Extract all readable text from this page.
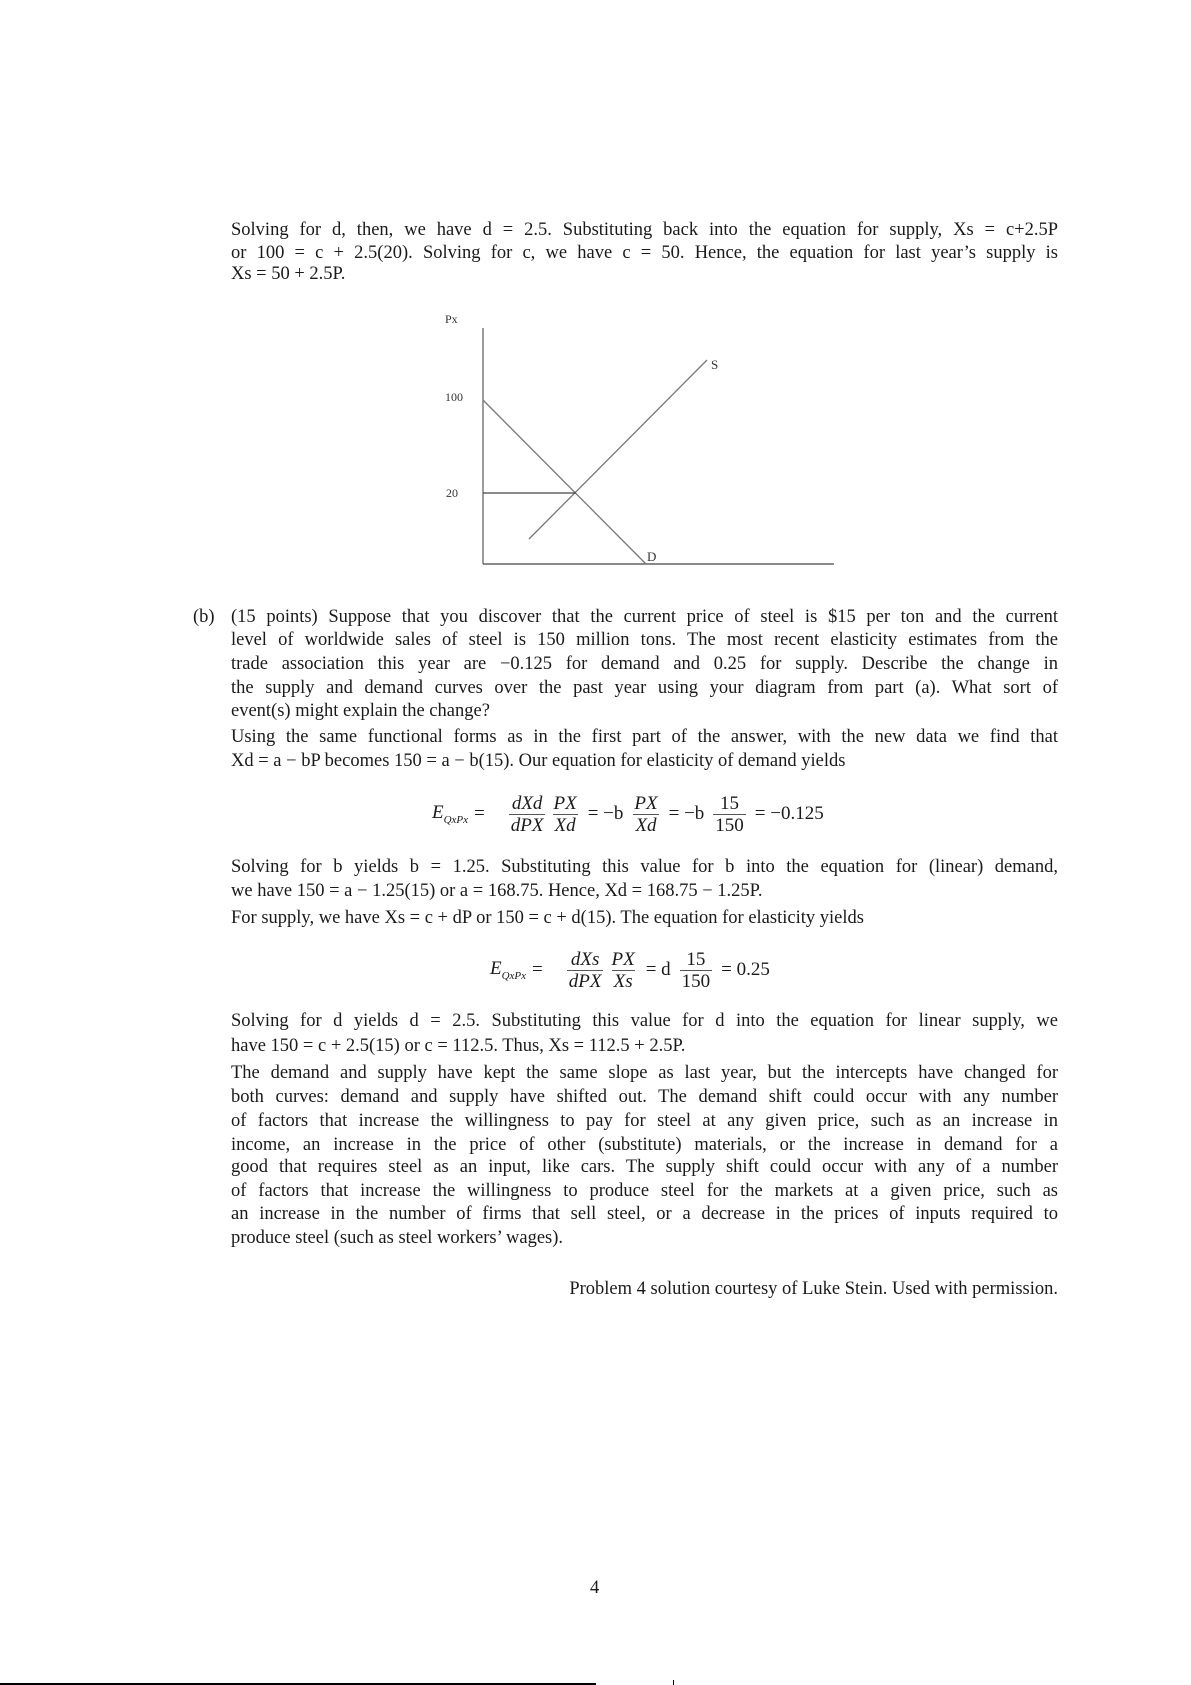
Solving for d, then, we have d = 2.5. Substituting back into the equation for supply, Xs = c+2.5P
or 100 = c + 2.5(20). Solving for c, we have c = 50. Hence, the equation for last year’s supply is
Xs = 50 + 2.5P.
(15 points) Suppose that you discover that the current price of steel is $15 per ton and the current
level of worldwide sales of steel is 150 million tons. The most recent elasticity estimates from the
trade association this year are −0.125 for demand and 0.25 for supply. Describe the change in
the supply and demand curves over the past year using your diagram from part (a). What sort of
event(s) might explain the change?
Using the same functional forms as in the first part of the answer, with the new data we find that
Xd = a − bP becomes 150 = a − b(15). Our equation for elasticity of demand yields
Solving for b yields b = 1.25. Substituting this value for b into the equation for (linear) demand,
we have 150 = a − 1.25(15) or a = 168.75. Hence, Xd = 168.75 − 1.25P.
For supply, we have Xs = c + dP or 150 = c + d(15). The equation for elasticity yields
Solving for d yields d = 2.5. Substituting this value for d into the equation for linear supply, we
have 150 = c + 2.5(15) or c = 112.5. Thus, Xs = 112.5 + 2.5P.
The demand and supply have kept the same slope as last year, but the intercepts have changed for
both curves: demand and supply have shifted out. The demand shift could occur with any number
of factors that increase the willingness to pay for steel at any given price, such as an increase in
income, an increase in the price of other (substitute) materials, or the increase in demand for a
good that requires steel as an input, like cars. The supply shift could occur with any of a number
of factors that increase the willingness to produce steel for the markets at a given price, such as
an increase in the number of firms that sell steel, or a decrease in the prices of inputs required to
produce steel (such as steel workers’ wages).
Px
100
20
S
D
(b)
$E_{QxPx} = \frac{\text{dXd}}{\text{dPX}} \frac{PX}{Xd} = -b \frac{PX}{Xd} = -b \frac{15}{150} = -0.125$
$E_{QxPx} = \frac{\text{dXs}}{\text{dPX}} \frac{PX}{Xs} = d \frac{15}{150} = 0.25$
Problem 4 solution courtesy of Luke Stein. Used with permission.
4
